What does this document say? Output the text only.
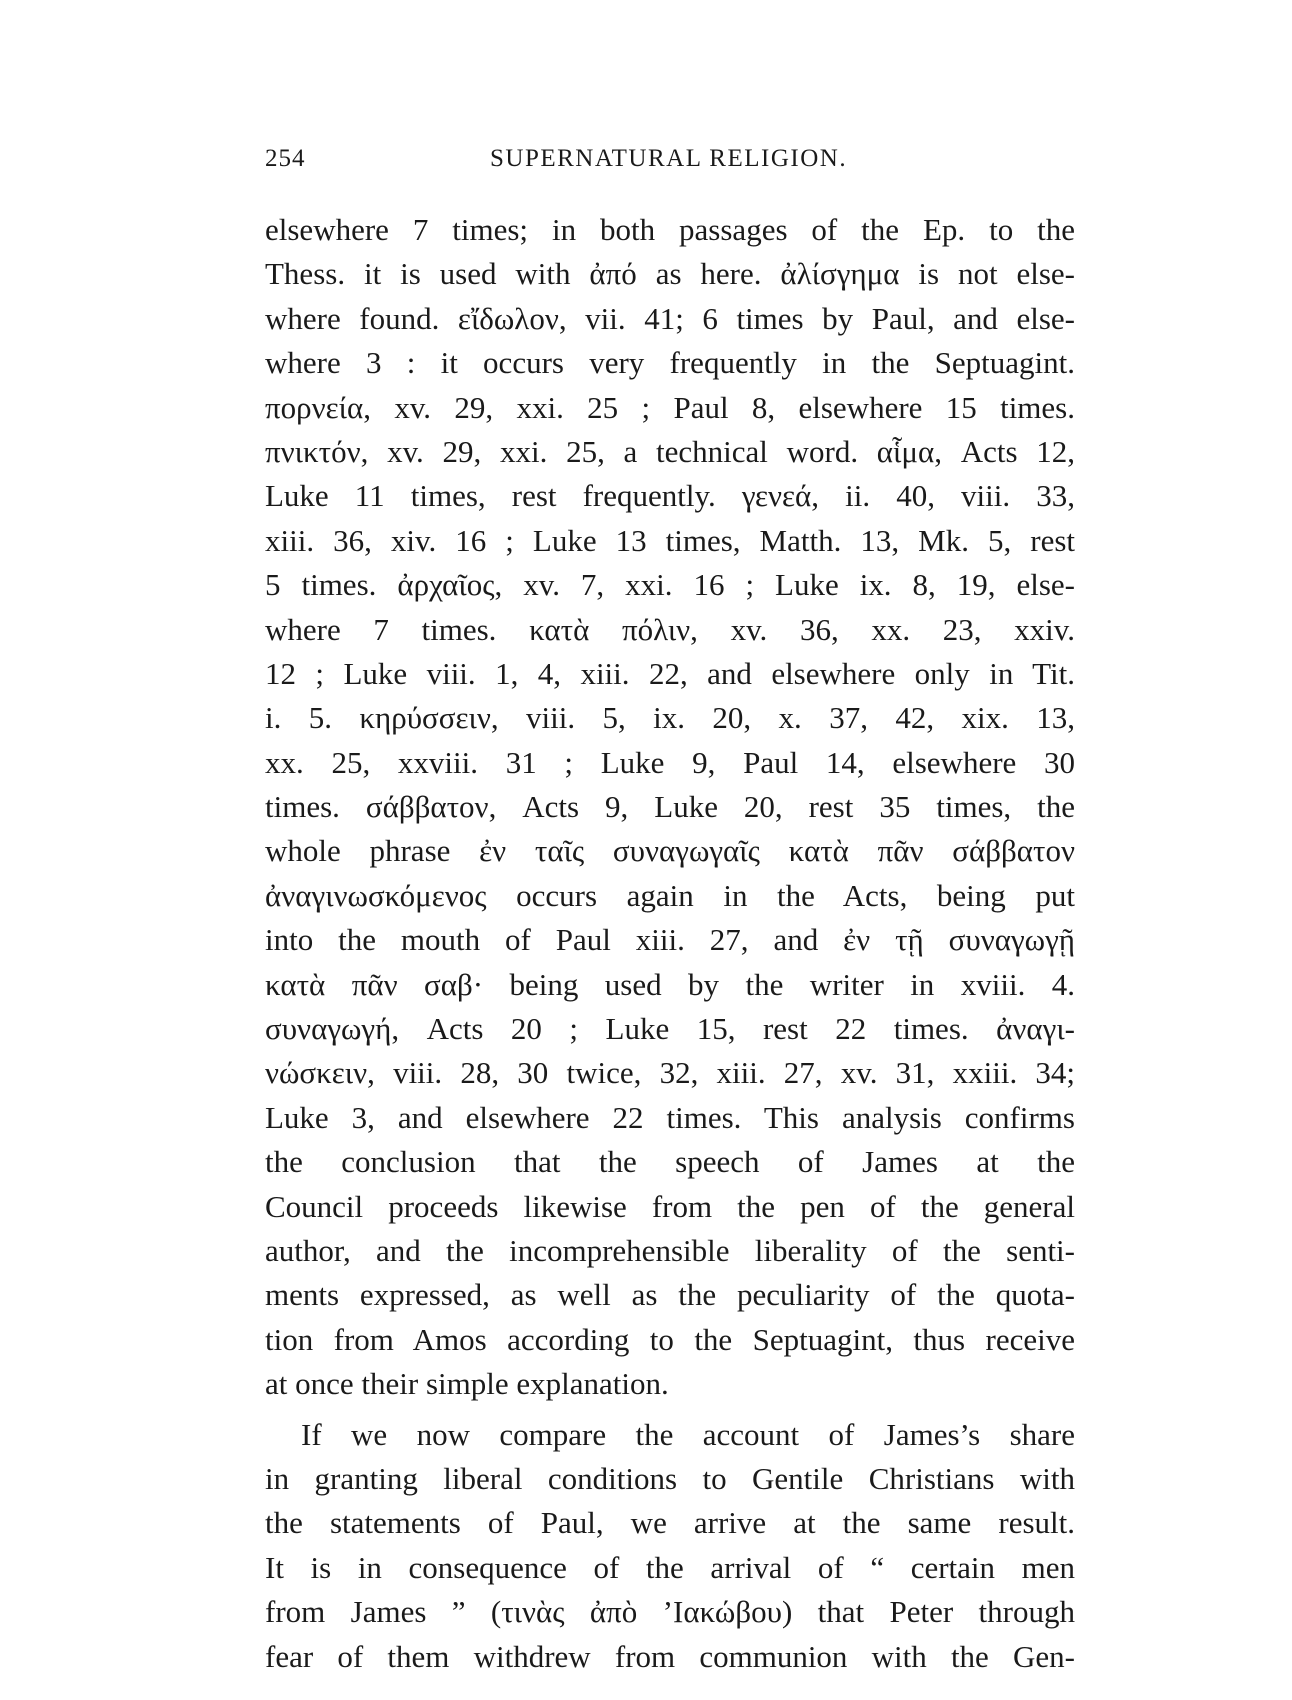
254	SUPERNATURAL RELIGION.
elsewhere 7 times; in both passages of the Ep. to the
Thess. it is used with ἀπό as here. ἀλίσγημα is not else-
where found. εἴδωλον, vii. 41; 6 times by Paul, and else-
where 3 : it occurs very frequently in the Septuagint.
πορνεία, xv. 29, xxi. 25 ; Paul 8, elsewhere 15 times.
πνικτόν, xv. 29, xxi. 25, a technical word. αἷμα, Acts 12,
Luke 11 times, rest frequently. γενεά, ii. 40, viii. 33,
xiii. 36, xiv. 16 ; Luke 13 times, Matth. 13, Mk. 5, rest
5 times. ἀρχαῖος, xv. 7, xxi. 16 ; Luke ix. 8, 19, else-
where 7 times. κατὰ πόλιν, xv. 36, xx. 23, xxiv.
12 ; Luke viii. 1, 4, xiii. 22, and elsewhere only in Tit.
i. 5. κηρύσσειν, viii. 5, ix. 20, x. 37, 42, xix. 13,
xx. 25, xxviii. 31 ; Luke 9, Paul 14, elsewhere 30
times. σάββατον, Acts 9, Luke 20, rest 35 times, the
whole phrase ἐν ταῖς συναγωγαῖς κατὰ πᾶν σάββατον
ἀναγινωσκόμενος occurs again in the Acts, being put
into the mouth of Paul xiii. 27, and ἐν τῇ συναγωγῇ
κατὰ πᾶν σαβ· being used by the writer in xviii. 4.
συναγωγή, Acts 20 ; Luke 15, rest 22 times. ἀναγι-
νώσκειν, viii. 28, 30 twice, 32, xiii. 27, xv. 31, xxiii. 34;
Luke 3, and elsewhere 22 times. This analysis confirms
the conclusion that the speech of James at the
Council proceeds likewise from the pen of the general
author, and the incomprehensible liberality of the senti-
ments expressed, as well as the peculiarity of the quota-
tion from Amos according to the Septuagint, thus receive
at once their simple explanation.
If we now compare the account of James’s share
in granting liberal conditions to Gentile Christians with
the statements of Paul, we arrive at the same result.
It is in consequence of the arrival of “ certain men
from James ” (τινὰς ἀπὸ ’Ιακώβου) that Peter through
fear of them withdrew from communion with the Gen-
